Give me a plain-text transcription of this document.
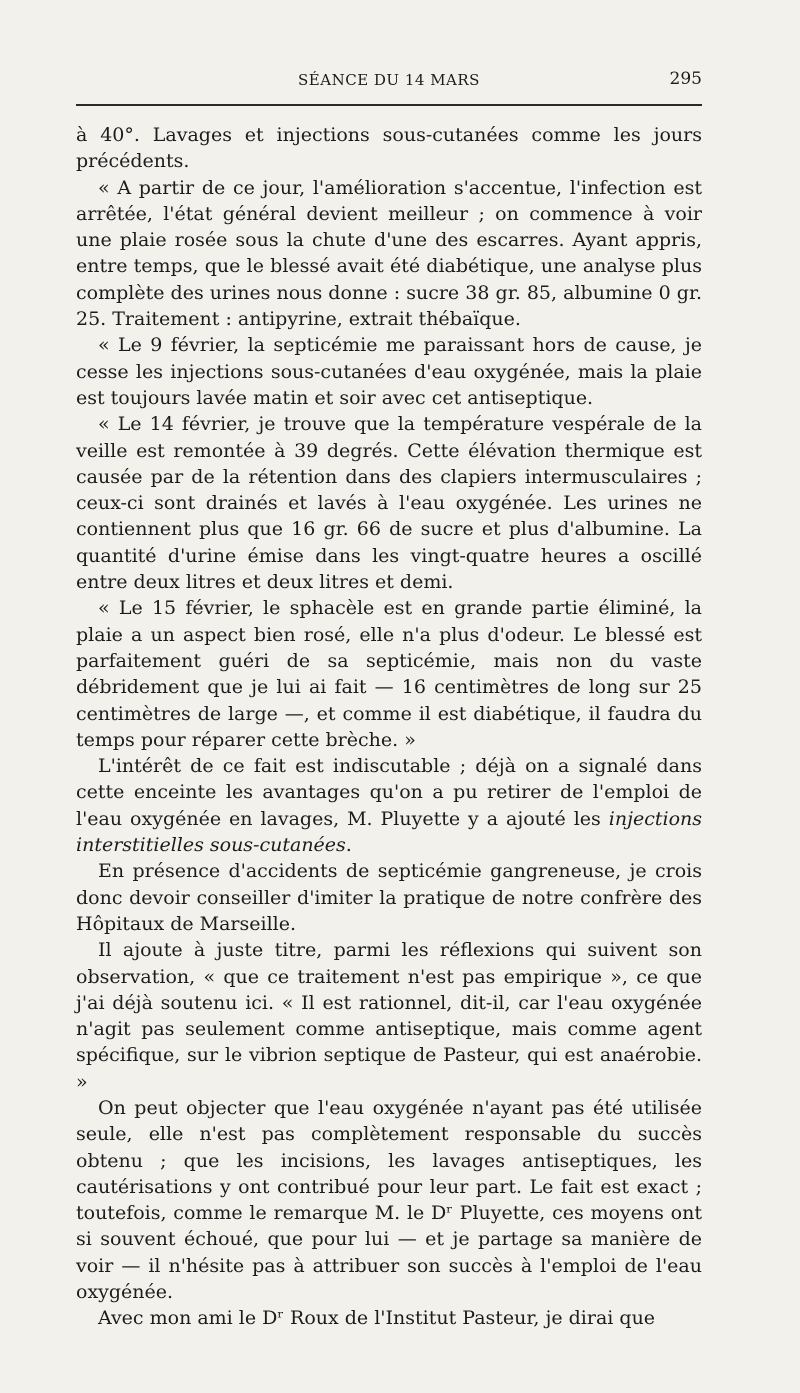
SÉANCE DU 14 MARS	295

à 40°. Lavages et injections sous-cutanées comme les jours précédents.

« A partir de ce jour, l'amélioration s'accentue, l'infection est arrêtée, l'état général devient meilleur ; on commence à voir une plaie rosée sous la chute d'une des escarres. Ayant appris, entre temps, que le blessé avait été diabétique, une analyse plus complète des urines nous donne : sucre 38 gr. 85, albumine 0 gr. 25. Traitement : antipyrine, extrait thébaïque.

« Le 9 février, la septicémie me paraissant hors de cause, je cesse les injections sous-cutanées d'eau oxygénée, mais la plaie est toujours lavée matin et soir avec cet antiseptique.

« Le 14 février, je trouve que la température vespérale de la veille est remontée à 39 degrés. Cette élévation thermique est causée par de la rétention dans des clapiers intermusculaires ; ceux-ci sont drainés et lavés à l'eau oxygénée. Les urines ne contiennent plus que 16 gr. 66 de sucre et plus d'albumine. La quantité d'urine émise dans les vingt-quatre heures a oscillé entre deux litres et deux litres et demi.

« Le 15 février, le sphacèle est en grande partie éliminé, la plaie a un aspect bien rosé, elle n'a plus d'odeur. Le blessé est parfaitement guéri de sa septicémie, mais non du vaste débridement que je lui ai fait — 16 centimètres de long sur 25 centimètres de large —, et comme il est diabétique, il faudra du temps pour réparer cette brèche. »

L'intérêt de ce fait est indiscutable ; déjà on a signalé dans cette enceinte les avantages qu'on a pu retirer de l'emploi de l'eau oxygénée en lavages, M. Pluyette y a ajouté les injections interstitielles sous-cutanées.

En présence d'accidents de septicémie gangreneuse, je crois donc devoir conseiller d'imiter la pratique de notre confrère des Hôpitaux de Marseille.

Il ajoute à juste titre, parmi les réflexions qui suivent son observation, « que ce traitement n'est pas empirique », ce que j'ai déjà soutenu ici. « Il est rationnel, dit-il, car l'eau oxygénée n'agit pas seulement comme antiseptique, mais comme agent spécifique, sur le vibrion septique de Pasteur, qui est anaérobie. »

On peut objecter que l'eau oxygénée n'ayant pas été utilisée seule, elle n'est pas complètement responsable du succès obtenu ; que les incisions, les lavages antiseptiques, les cautérisations y ont contribué pour leur part. Le fait est exact ; toutefois, comme le remarque M. le Dʳ Pluyette, ces moyens ont si souvent échoué, que pour lui — et je partage sa manière de voir — il n'hésite pas à attribuer son succès à l'emploi de l'eau oxygénée.

Avec mon ami le Dʳ Roux de l'Institut Pasteur, je dirai que
